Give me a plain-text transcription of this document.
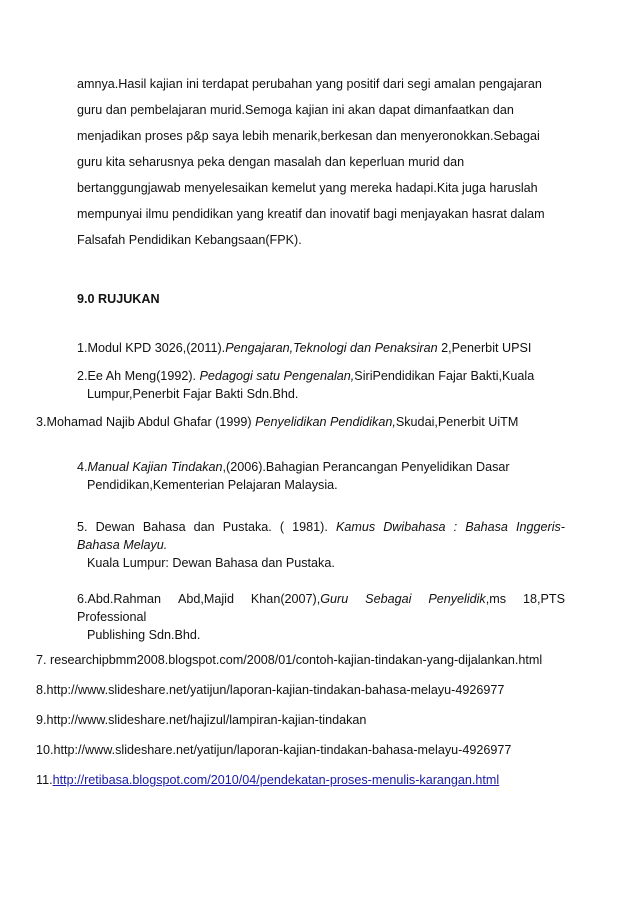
amnya.Hasil kajian ini terdapat perubahan yang positif dari segi amalan pengajaran
guru dan pembelajaran murid.Semoga kajian ini akan dapat dimanfaatkan dan
menjadikan proses p&p saya lebih menarik,berkesan dan menyeronokkan.Sebagai
guru kita seharusnya peka dengan masalah dan keperluan murid dan
bertanggungjawab menyelesaikan kemelut yang mereka hadapi.Kita juga haruslah
mempunyai ilmu pendidikan yang kreatif dan inovatif bagi menjayakan hasrat dalam
Falsafah Pendidikan Kebangsaan(FPK).
9.0 RUJUKAN
1.Modul KPD 3026,(2011).Pengajaran,Teknologi dan Penaksiran 2,Penerbit UPSI
2.Ee Ah Meng(1992). Pedagogi satu Pengenalan,SiriPendidikan Fajar Bakti,Kuala
Lumpur,Penerbit Fajar Bakti Sdn.Bhd.
3.Mohamad Najib Abdul Ghafar (1999) Penyelidikan Pendidikan,Skudai,Penerbit UiTM
4.Manual Kajian Tindakan,(2006).Bahagian Perancangan Penyelidikan Dasar
Pendidikan,Kementerian Pelajaran Malaysia.
5. Dewan Bahasa dan Pustaka. ( 1981). Kamus Dwibahasa : Bahasa Inggeris-
Bahasa Melayu.
Kuala Lumpur: Dewan Bahasa dan Pustaka.
6.Abd.Rahman Abd,Majid Khan(2007),Guru Sebagai Penyelidik,ms 18,PTS
Professional
Publishing Sdn.Bhd.
7. researchipbmm2008.blogspot.com/2008/01/contoh-kajian-tindakan-yang-dijalankan.html
8.http://www.slideshare.net/yatijun/laporan-kajian-tindakan-bahasa-melayu-4926977
9.http://www.slideshare.net/hajizul/lampiran-kajian-tindakan
10.http://www.slideshare.net/yatijun/laporan-kajian-tindakan-bahasa-melayu-4926977
11.http://retibasa.blogspot.com/2010/04/pendekatan-proses-menulis-karangan.html
